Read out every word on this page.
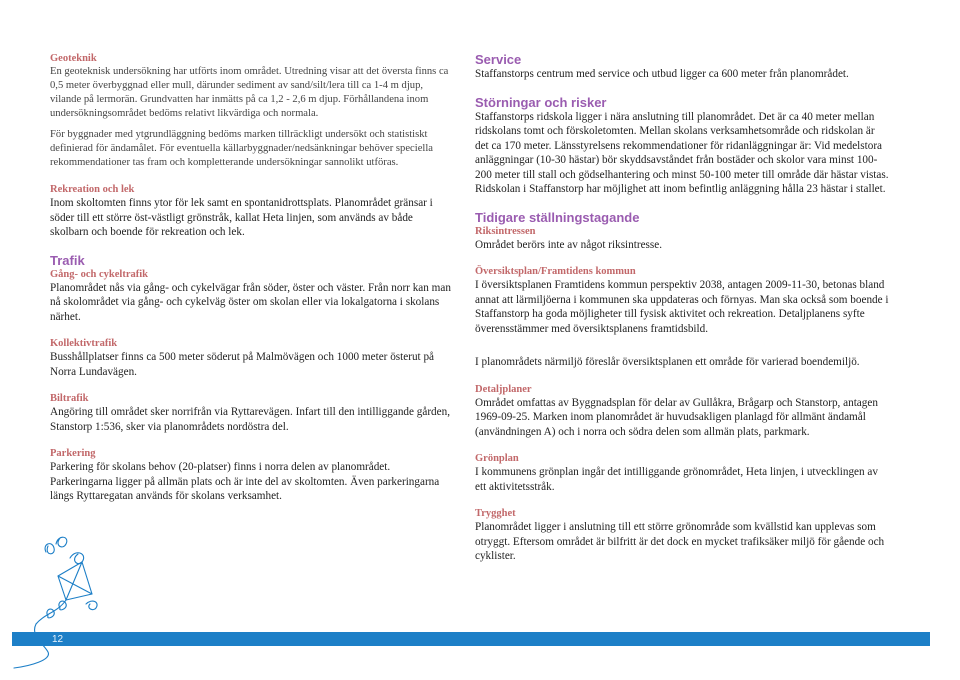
Geoteknik

En geoteknisk undersökning har utförts inom området. Utredning visar att det översta finns ca 0,5 meter överbyggnad eller mull, därunder sediment av sand/silt/lera till ca 1-4 m djup, vilande på lermorän. Grundvatten har inmätts på ca 1,2 - 2,6 m djup. Förhållandena inom undersökningsområdet bedöms relativt likvärdiga och normala.

För byggnader med ytgrundläggning bedöms marken tillräckligt undersökt och statistiskt definierad för ändamålet. För eventuella källarbyggnader/nedsänkningar behöver speciella rekommendationer tas fram och kompletterande undersökningar sannolikt utföras.

Rekreation och lek

Inom skoltomten finns ytor för lek samt en spontanidrottsplats. Planområdet gränsar i söder till ett större öst-västligt grönstråk, kallat Heta linjen, som används av både skolbarn och boende för rekreation och lek.

Trafik
Gång- och cykeltrafik

Planområdet nås via gång- och cykelvägar från söder, öster och väster. Från norr kan man nå skolområdet via gång- och cykelväg öster om skolan eller via lokalgatorna i skolans närhet.

Kollektivtrafik

Busshållplatser finns ca 500 meter söderut på Malmövägen och 1000 meter österut på Norra Lundavägen.

Biltrafik

Angöring till området sker norrifrån via Ryttarevägen. Infart till den intilliggande gården, Stanstorp 1:536, sker via planområdets nordöstra del.

Parkering

Parkering för skolans behov (20-platser) finns i norra delen av planområdet. Parkeringarna ligger på allmän plats och är inte del av skoltomten. Även parkeringarna längs Ryttaregatan används för skolans verksamhet.

Service

Staffanstorps centrum med service och utbud ligger ca 600 meter från planområdet.

Störningar och risker

Staffanstorps ridskola ligger i nära anslutning till planområdet. Det är ca 40 meter mellan ridskolans tomt och förskoletomten. Mellan skolans verksamhetsområde och ridskolan är det ca 170 meter. Länsstyrelsens rekommendationer för ridanläggningar är: Vid medelstora anläggningar (10-30 hästar) bör skyddsavståndet från bostäder och skolor vara minst 100-200 meter till stall och gödselhantering och minst 50-100 meter till område där hästar vistas. Ridskolan i Staffanstorp har möjlighet att inom befintlig anläggning hålla 23 hästar i stallet.

Tidigare ställningstagande
Riksintressen

Området berörs inte av något riksintresse.

Översiktsplan/Framtidens kommun

I översiktsplanen Framtidens kommun perspektiv 2038, antagen 2009-11-30, betonas bland annat att lärmiljöerna i kommunen ska uppdateras och förnyas. Man ska också som boende i Staffanstorp ha goda möjligheter till fysisk aktivitet och rekreation. Detaljplanens syfte överensstämmer med översiktsplanens framtidsbild.

I planområdets närmiljö föreslår översiktsplanen ett område för varierad boendemiljö.

Detaljplaner

Området omfattas av Byggnadsplan för delar av Gullåkra, Brågarp och Stanstorp, antagen 1969-09-25. Marken inom planområdet är huvudsakligen planlagd för allmänt ändamål (användningen A) och i norra och södra delen som allmän plats, parkmark.

Grönplan

I kommunens grönplan ingår det intilliggande grönområdet, Heta linjen, i utvecklingen av ett aktivitetsstråk.

Trygghet

Planområdet ligger i anslutning till ett större grönområde som kvällstid kan upplevas som otryggt. Eftersom området är bilfritt är det dock en mycket trafiksäker miljö för gående och cyklister.

12
